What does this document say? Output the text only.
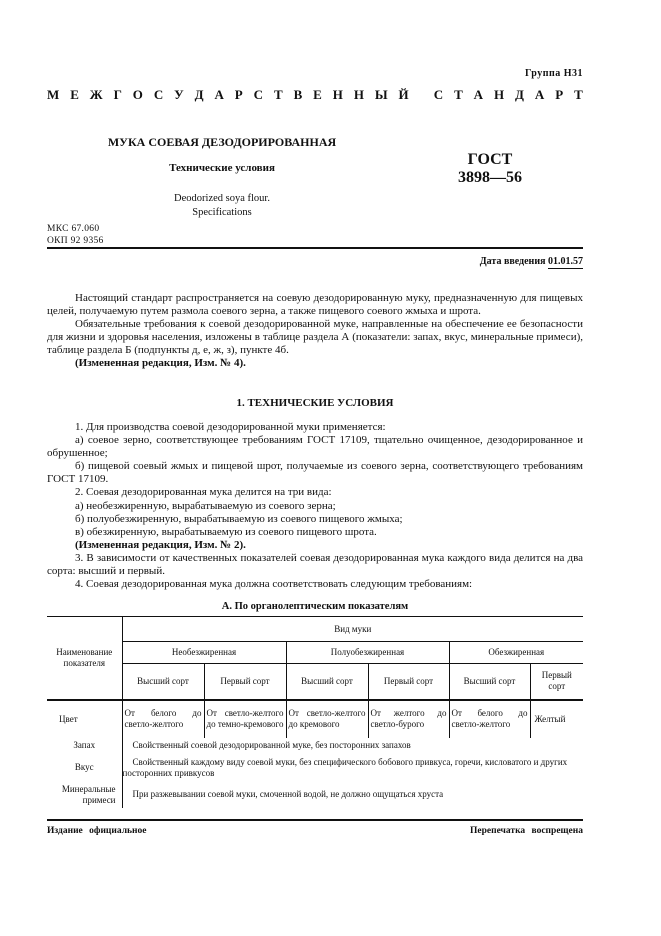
Группа Н31
М Е Ж Г О С У Д А Р С Т В Е Н Н Ы Й
С Т А Н Д А Р Т
МУКА СОЕВАЯ ДЕЗОДОРИРОВАННАЯ
Технические условия
Deodorized soya flour.
Specifications
ГОСТ
3898—56
МКС 67.060
ОКП 92 9356
Дата введения 01.01.57

Настоящий стандарт распространяется на соевую дезодорированную муку, предназначенную для пищевых целей, получаемую путем размола соевого зерна, а также пищевого соевого жмыха и шрота.

Обязательные требования к соевой дезодорированной муке, направленные на обеспечение ее безопасности для жизни и здоровья населения, изложены в таблице раздела А (показатели: запах, вкус, минеральные примеси), таблице раздела Б (подпункты д, е, ж, з), пункте 4б.

(Измененная редакция, Изм. № 4).

1. ТЕХНИЧЕСКИЕ УСЛОВИЯ

1. Для производства соевой дезодорированной муки применяется:

а) соевое зерно, соответствующее требованиям ГОСТ 17109, тщательно очищенное, дезодорированное и обрушенное;

б) пищевой соевый жмых и пищевой шрот, получаемые из соевого зерна, соответствующего требованиям ГОСТ 17109.

2. Соевая дезодорированная мука делится на три вида:

а) необезжиренную, вырабатываемую из соевого зерна;

б) полуобезжиренную, вырабатываемую из соевого пищевого жмыха;

в) обезжиренную, вырабатываемую из соевого пищевого шрота.

(Измененная редакция, Изм. № 2).

3. В зависимости от качественных показателей соевая дезодорированная мука каждого вида делится на два сорта: высший и первый.

4. Соевая дезодорированная мука должна соответствовать следующим требованиям:

А. По органолептическим показателям
Наименование показателя	Вид муки					
	Необезжиренная		Полуобезжиренная		Обезжиренная	
	Высший сорт	Первый сорт	Высший сорт	Первый сорт	Высший сорт	Первый сорт
Цвет	От белого до светло-желтого	От светло-желтого до темно-кремового	От светло-желтого до кремового	От желтого до светло-бурого	От белого до светло-желтого	Желтый
Запах	Свойственный соевой дезодорированной муке, без посторонних запахов					
Вкус	Свойственный каждому виду соевой муки, без специфического бобового привкуса, горечи, кисловатого и других посторонних привкусов					
Минеральные примеси	При разжевывании соевой муки, смоченной водой, не должно ощущаться хруста					
Издание официальное	Перепечатка воспрещена
